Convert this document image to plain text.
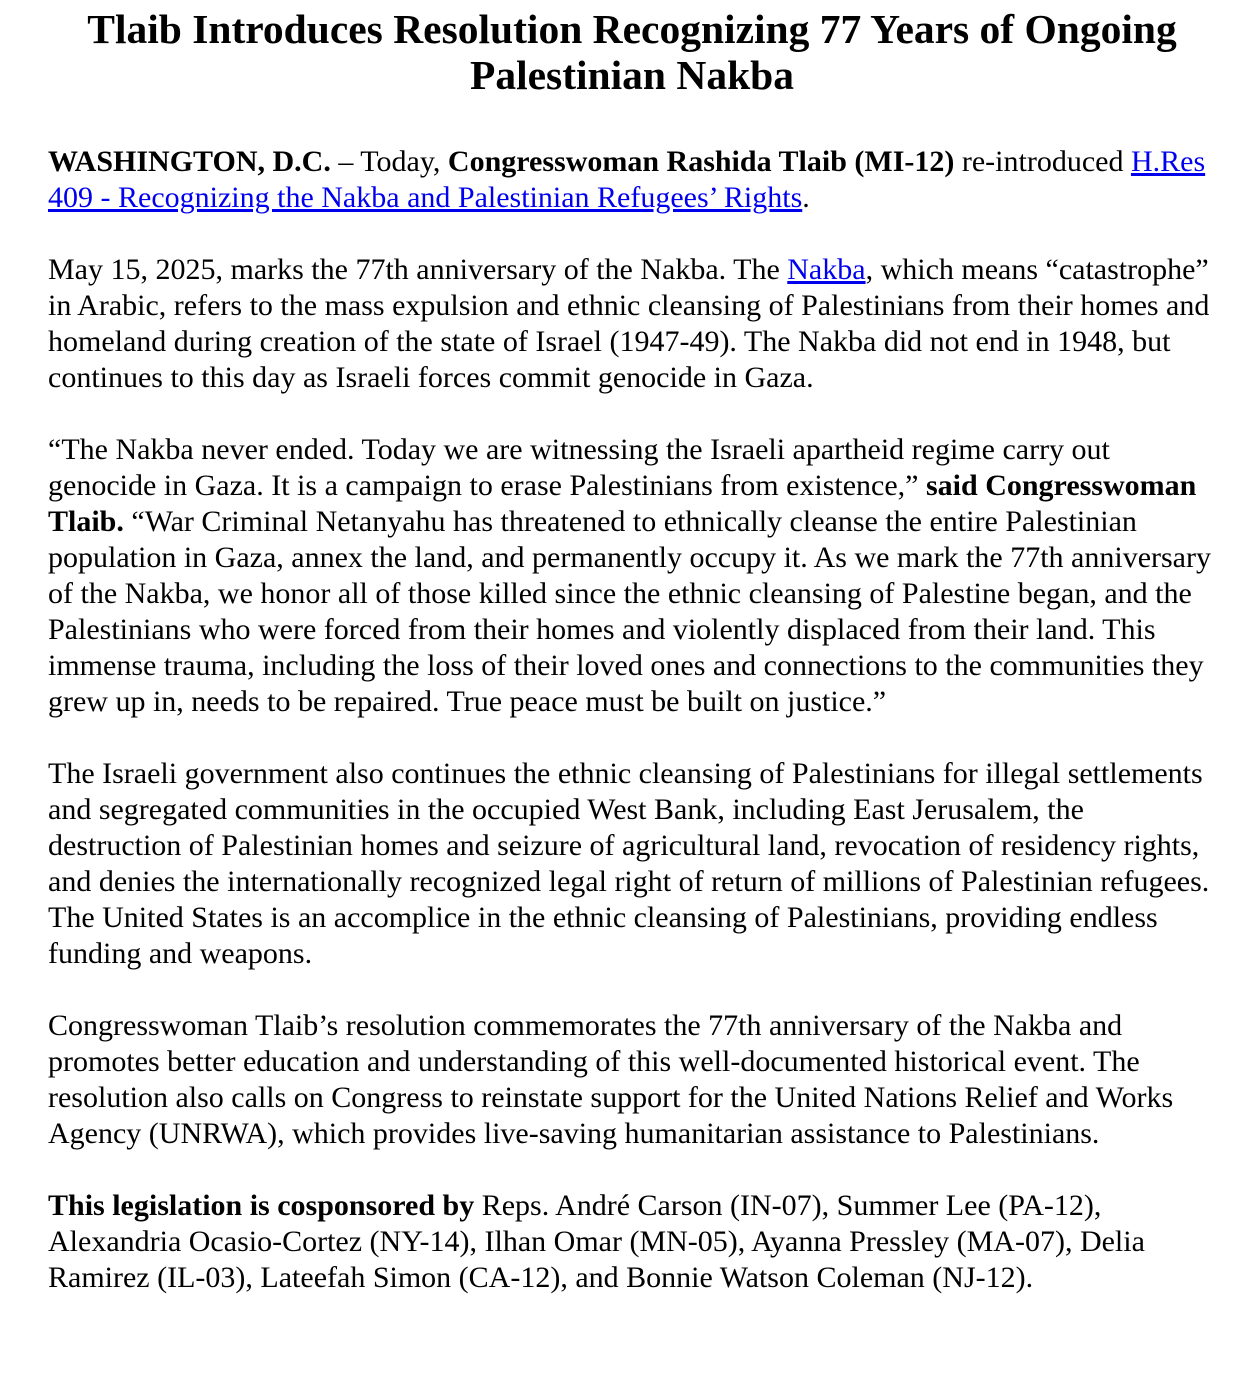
Tlaib Introduces Resolution Recognizing 77 Years of Ongoing Palestinian Nakba

WASHINGTON, D.C. – Today, Congresswoman Rashida Tlaib (MI-12) re-introduced H.Res 409 - Recognizing the Nakba and Palestinian Refugees’ Rights.

May 15, 2025, marks the 77th anniversary of the Nakba. The Nakba, which means “catastrophe” in Arabic, refers to the mass expulsion and ethnic cleansing of Palestinians from their homes and homeland during creation of the state of Israel (1947-49). The Nakba did not end in 1948, but continues to this day as Israeli forces commit genocide in Gaza.

“The Nakba never ended. Today we are witnessing the Israeli apartheid regime carry out genocide in Gaza. It is a campaign to erase Palestinians from existence,” said Congresswoman Tlaib. “War Criminal Netanyahu has threatened to ethnically cleanse the entire Palestinian population in Gaza, annex the land, and permanently occupy it. As we mark the 77th anniversary of the Nakba, we honor all of those killed since the ethnic cleansing of Palestine began, and the Palestinians who were forced from their homes and violently displaced from their land. This immense trauma, including the loss of their loved ones and connections to the communities they grew up in, needs to be repaired. True peace must be built on justice.”

The Israeli government also continues the ethnic cleansing of Palestinians for illegal settlements and segregated communities in the occupied West Bank, including East Jerusalem, the destruction of Palestinian homes and seizure of agricultural land, revocation of residency rights, and denies the internationally recognized legal right of return of millions of Palestinian refugees. The United States is an accomplice in the ethnic cleansing of Palestinians, providing endless funding and weapons.

Congresswoman Tlaib’s resolution commemorates the 77th anniversary of the Nakba and promotes better education and understanding of this well-documented historical event. The resolution also calls on Congress to reinstate support for the United Nations Relief and Works Agency (UNRWA), which provides live-saving humanitarian assistance to Palestinians.

This legislation is cosponsored by Reps. André Carson (IN-07), Summer Lee (PA-12), Alexandria Ocasio-Cortez (NY-14), Ilhan Omar (MN-05), Ayanna Pressley (MA-07), Delia Ramirez (IL-03), Lateefah Simon (CA-12), and Bonnie Watson Coleman (NJ-12).
